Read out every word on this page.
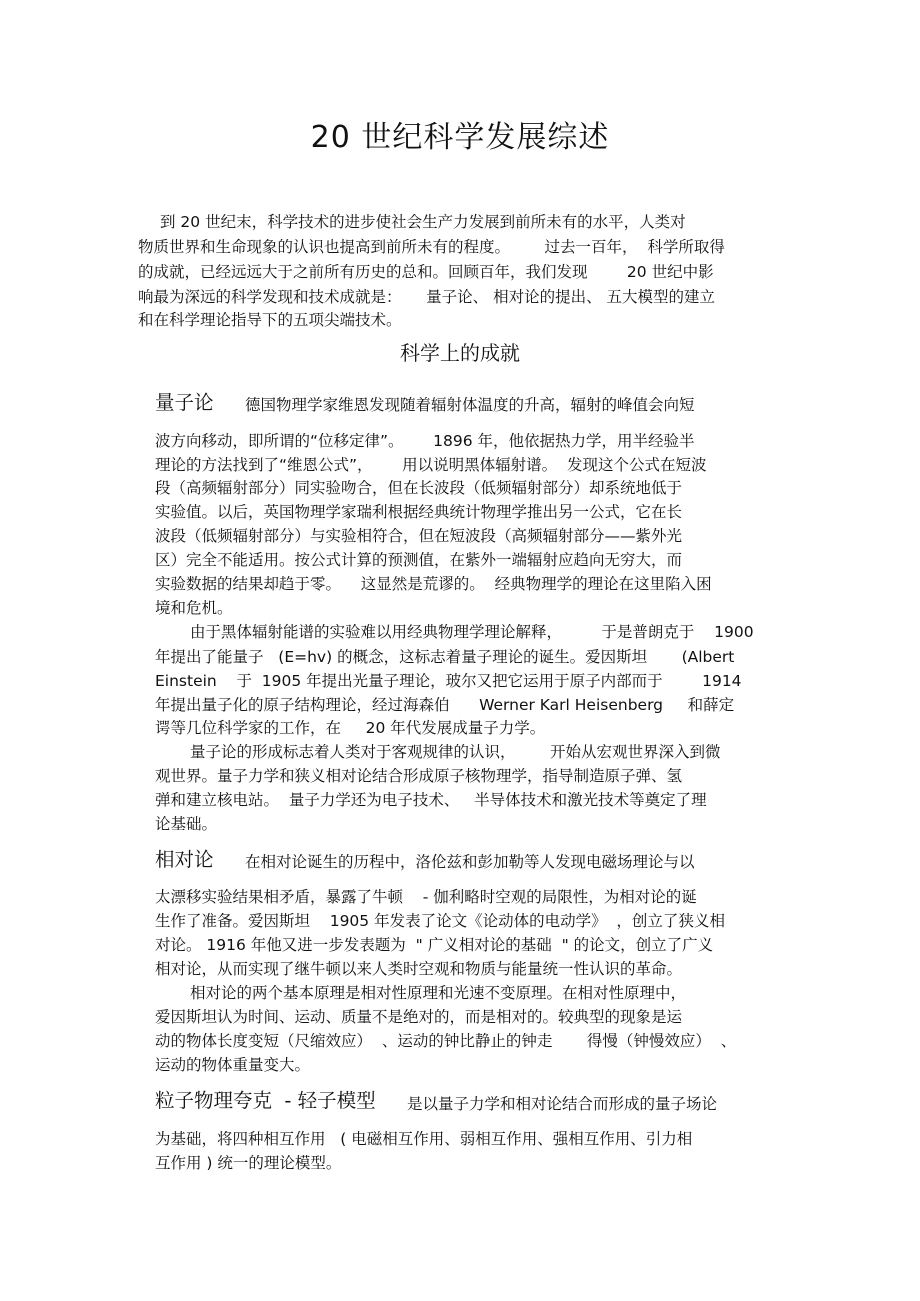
20 世纪科学发展综述
到 20 世纪末，科学技术的进步使社会生产力发展到前所未有的水平，人类对
物质世界和生命现象的认识也提高到前所未有的程度。       过去一百年，  科学所取得
的成就，已经远远大于之前所有历史的总和。回顾百年，我们发现        20 世纪中影
响最为深远的科学发现和技术成就是：     量子论、 相对论的提出、 五大模型的建立
和在科学理论指导下的五项尖端技术。
科学上的成就
量子论 德国物理学家维恩发现随着辐射体温度的升高，辐射的峰值会向短
波方向移动，即所谓的“位移定律”。      1896 年，他依据热力学，用半经验半
理论的方法找到了“维恩公式”，      用以说明黑体辐射谱。  发现这个公式在短波
段（高频辐射部分）同实验吻合，但在长波段（低频辐射部分）却系统地低于
实验值。以后，英国物理学家瑞利根据经典统计物理学推出另一公式，它在长
波段（低频辐射部分）与实验相符合，但在短波段（高频辐射部分——紫外光
区）完全不能适用。按公式计算的预测值，在紫外一端辐射应趋向无穷大，而
实验数据的结果却趋于零。    这显然是荒谬的。  经典物理学的理论在这里陷入困
境和危机。
由于黑体辐射能谱的实验难以用经典物理学理论解释，        于是普朗克于    1900
年提出了能量子   (E=hv) 的概念，这标志着量子理论的诞生。爱因斯坦       (Albert
Einstein    于  1905 年提出光量子理论，玻尔又把它运用于原子内部而于        1914
年提出量子化的原子结构理论，经过海森伯      Werner Karl Heisenberg     和薛定
谔等几位科学家的工作，在     20 年代发展成量子力学。
量子论的形成标志着人类对于客观规律的认识，       开始从宏观世界深入到微
观世界。量子力学和狭义相对论结合形成原子核物理学，指导制造原子弹、氢
弹和建立核电站。  量子力学还为电子技术、   半导体技术和激光技术等奠定了理
论基础。
相对论 在相对论诞生的历程中，洛伦兹和彭加勒等人发现电磁场理论与以
太漂移实验结果相矛盾，暴露了牛顿    - 伽利略时空观的局限性，为相对论的诞
生作了准备。爱因斯坦    1905 年发表了论文《论动体的电动学》  ，创立了狭义相
对论。 1916 年他又进一步发表题为  " 广义相对论的基础  " 的论文，创立了广义
相对论，从而实现了继牛顿以来人类时空观和物质与能量统一性认识的革命。
相对论的两个基本原理是相对性原理和光速不变原理。在相对性原理中，
爱因斯坦认为时间、运动、质量不是绝对的，而是相对的。较典型的现象是运
动的物体长度变短（尺缩效应）  、运动的钟比静止的钟走       得慢（钟慢效应）  、
运动的物体重量变大。
粒子物理夸克  - 轻子模型 是以量子力学和相对论结合而形成的量子场论
为基础，将四种相互作用   ( 电磁相互作用、弱相互作用、强相互作用、引力相
互作用 ) 统一的理论模型。
